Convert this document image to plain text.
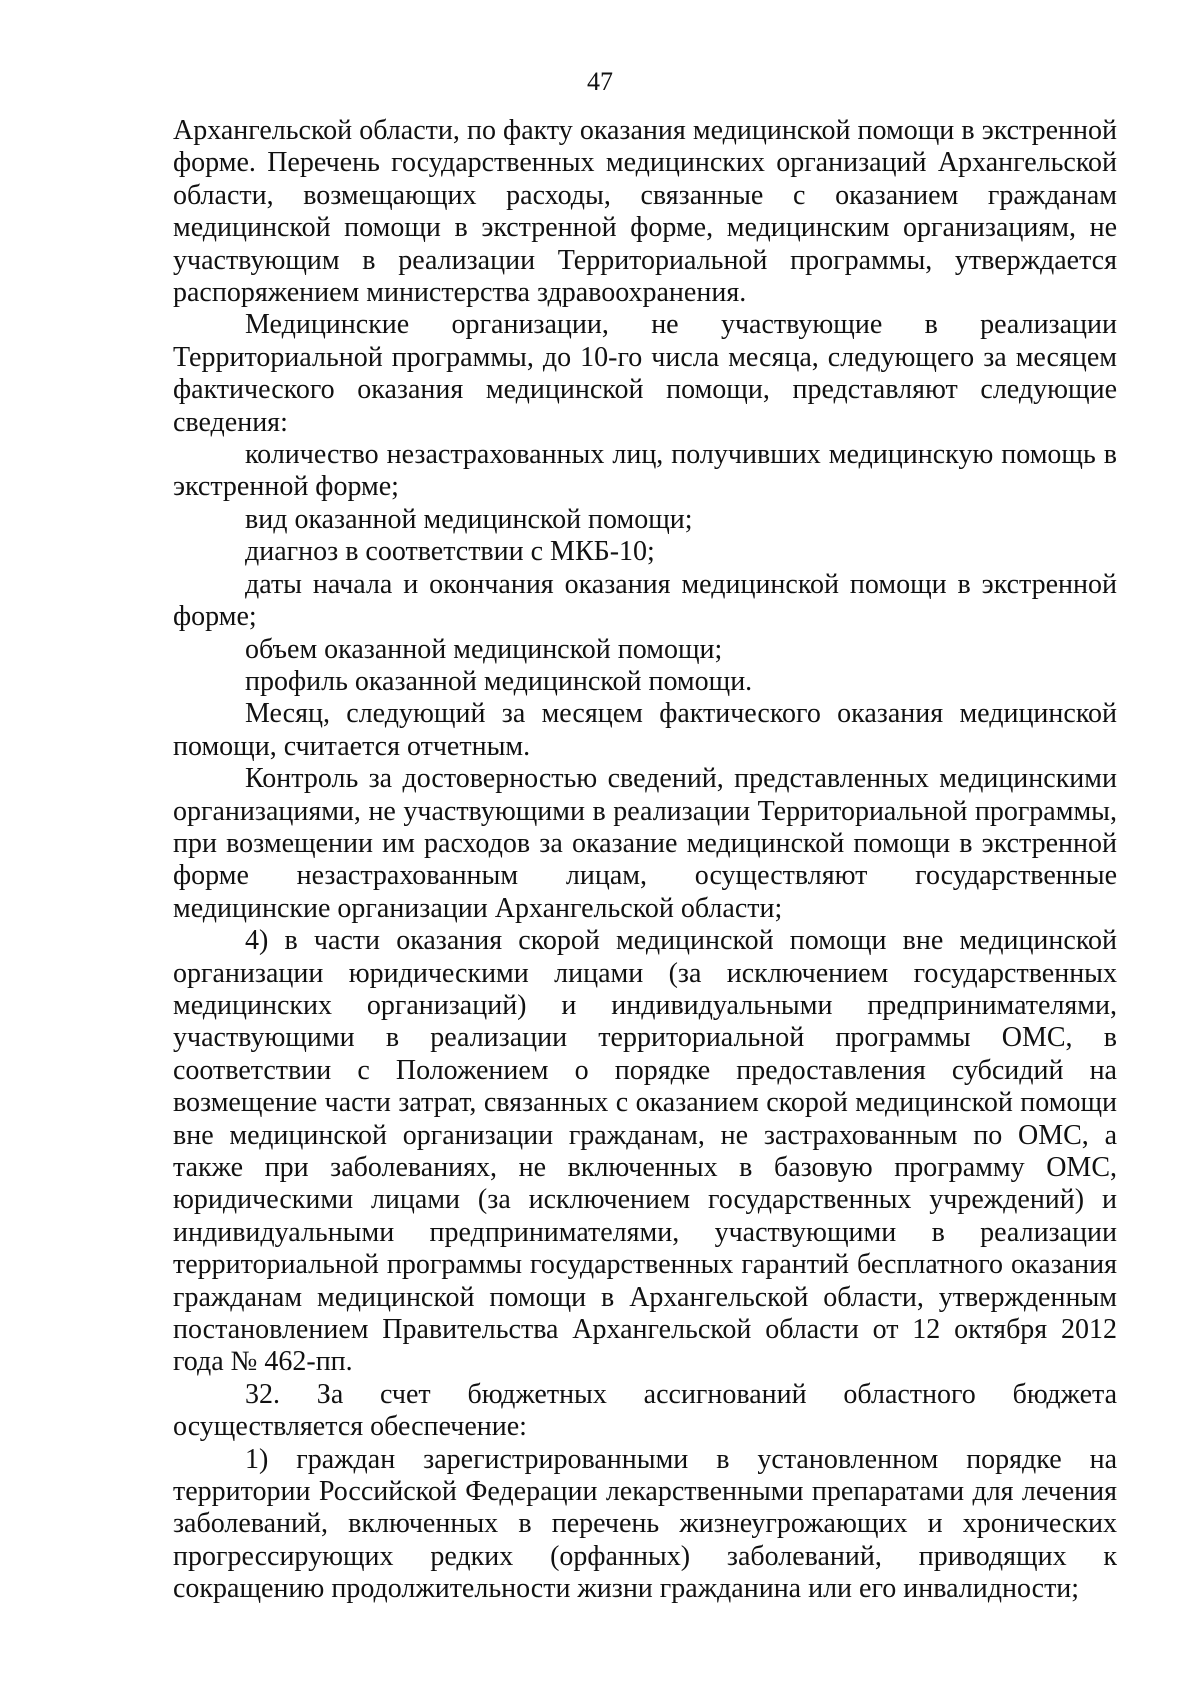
47

Архангельской области, по факту оказания медицинской помощи в экстренной форме. Перечень государственных медицинских организаций Архангельской области, возмещающих расходы, связанные с оказанием гражданам медицинской помощи в экстренной форме, медицинским организациям, не участвующим в реализации Территориальной программы, утверждается распоряжением министерства здравоохранения.

Медицинские организации, не участвующие в реализации Территориальной программы, до 10-го числа месяца, следующего за месяцем фактического оказания медицинской помощи, представляют следующие сведения:

количество незастрахованных лиц, получивших медицинскую помощь в экстренной форме;

вид оказанной медицинской помощи;

диагноз в соответствии с МКБ-10;

даты начала и окончания оказания медицинской помощи в экстренной форме;

объем оказанной медицинской помощи;

профиль оказанной медицинской помощи.

Месяц, следующий за месяцем фактического оказания медицинской помощи, считается отчетным.

Контроль за достоверностью сведений, представленных медицинскими организациями, не участвующими в реализации Территориальной программы, при возмещении им расходов за оказание медицинской помощи в экстренной форме незастрахованным лицам, осуществляют государственные медицинские организации Архангельской области;

4) в части оказания скорой медицинской помощи вне медицинской организации юридическими лицами (за исключением государственных медицинских организаций) и индивидуальными предпринимателями, участвующими в реализации территориальной программы ОМС, в соответствии с Положением о порядке предоставления субсидий на возмещение части затрат, связанных с оказанием скорой медицинской помощи вне медицинской организации гражданам, не застрахованным по ОМС, а также при заболеваниях, не включенных в базовую программу ОМС, юридическими лицами (за исключением государственных учреждений) и индивидуальными предпринимателями, участвующими в реализации территориальной программы государственных гарантий бесплатного оказания гражданам медицинской помощи в Архангельской области, утвержденным постановлением Правительства Архангельской области от 12 октября 2012 года № 462-пп.

32. За счет бюджетных ассигнований областного бюджета осуществляется обеспечение:

1) граждан зарегистрированными в установленном порядке на территории Российской Федерации лекарственными препаратами для лечения заболеваний, включенных в перечень жизнеугрожающих и хронических прогрессирующих редких (орфанных) заболеваний, приводящих к сокращению продолжительности жизни гражданина или его инвалидности;
